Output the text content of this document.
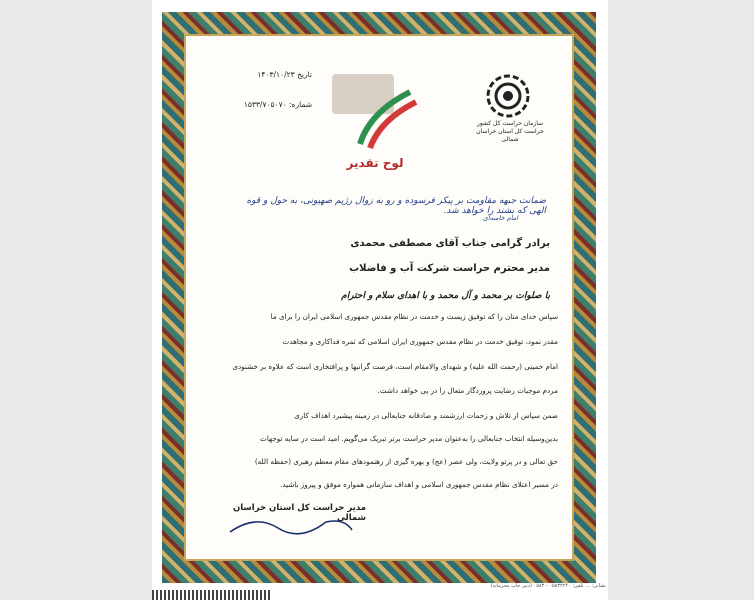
سازمان حراست کل کشور
حراست کل استان خراسان شمالی
تاریخ ۱۴۰۳/۱۰/۲۳
شماره: ۱۵۳۳/۷۰۵۰۷۰
لوح تقدیر
ضمانت جبهه مقاومت بر پیکر فرسوده و رو به زوال رژیم صهیونی، به حول و قوه الهی که بشند را خواهد شد.
امام خامنه‌ای
برادر گرامی جناب آقای مصطفی محمدی
مدیر محترم حراست شرکت آب و فاضلاب
با صلوات بر محمد و آل محمد و با اهدای سلام و احترام
سپاس خدای منان را که توفیق زیست و خدمت در نظام مقدس جمهوری اسلامی ایران را برای ما
مقدر نمود، توفیق خدمت در نظام مقدس جمهوری ایران اسلامی که ثمره فداکاری و مجاهدت
امام خمینی (رحمت الله علیه) و شهدای والامقام است، فرصت گرانبها و پرافتخاری است که علاوه بر خشنودی
مردم موجبات رضایت پروردگار متعال را در پی خواهد داشت.
ضمن سپاس از تلاش و زحمات ارزشمند و صادقانه جنابعالی در زمینه پیشبرد اهداف کاری
بدین‌وسیله انتخاب جنابعالی را به‌عنوان مدیر حراست برتر تبریک می‌گویم. امید است در سایه توجهات
حق تعالی و در پرتو ولایت، ولی عصر (عج) و بهره گیری از رهنمودهای مقام معظم رهبری (حفظه الله)
در مسیر اعتلای نظام مقدس جمهوری اسلامی و اهداف سازمانی همواره موفق و پیروز باشید.
مدیر حراست کل استان خراسان شمالی
نشانی: ... تلفن: ۰۵۸۳۲۲۴۰ - ۰۵۸۳ (دبیر جاپ محرمانه)
